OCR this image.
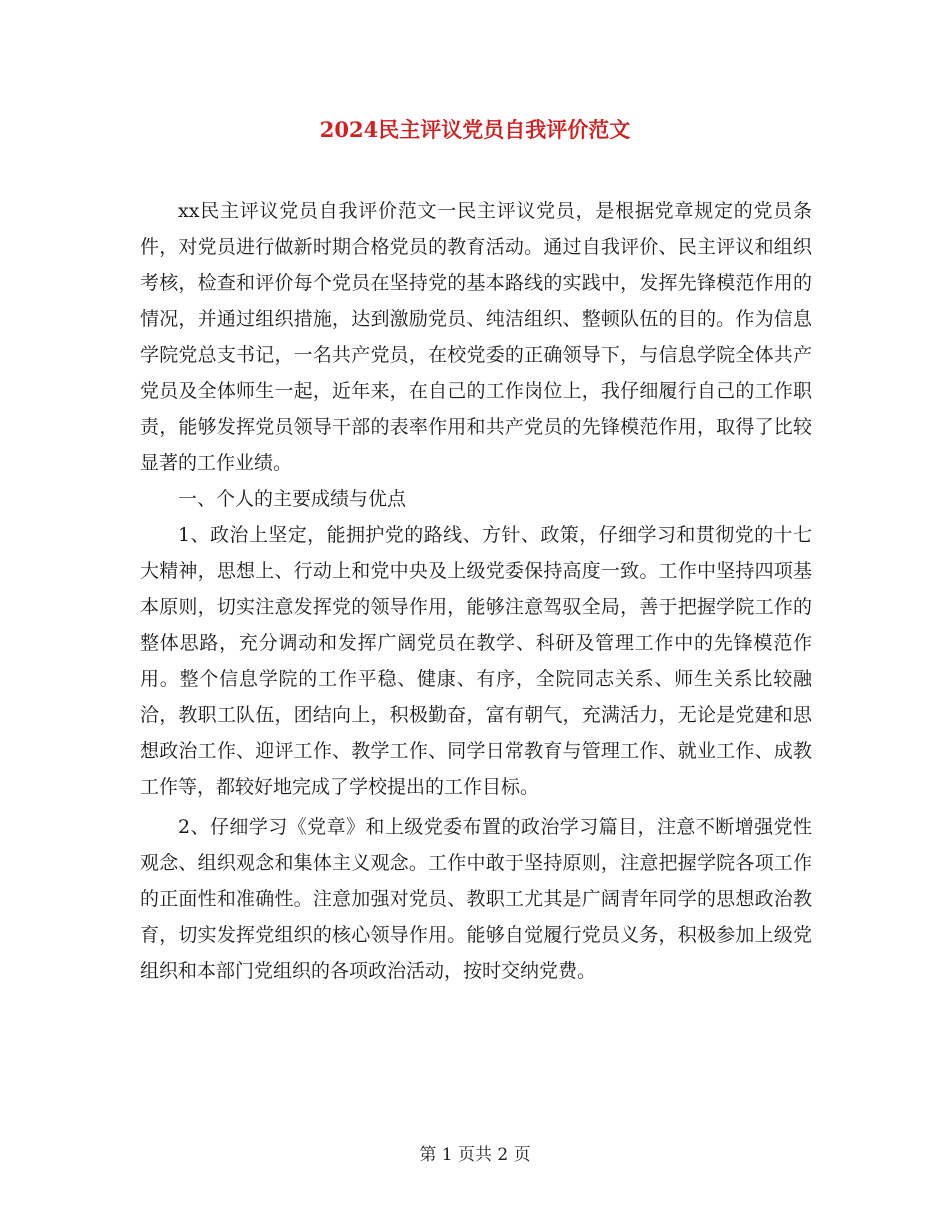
2024民主评议党员自我评价范文

xx民主评议党员自我评价范文一民主评议党员，是根据党章规定的党员条件，对党员进行做新时期合格党员的教育活动。通过自我评价、民主评议和组织考核，检查和评价每个党员在坚持党的基本路线的实践中，发挥先锋模范作用的情况，并通过组织措施，达到激励党员、纯洁组织、整顿队伍的目的。作为信息学院党总支书记，一名共产党员，在校党委的正确领导下，与信息学院全体共产党员及全体师生一起，近年来，在自己的工作岗位上，我仔细履行自己的工作职责，能够发挥党员领导干部的表率作用和共产党员的先锋模范作用，取得了比较显著的工作业绩。

一、个人的主要成绩与优点

1、政治上坚定，能拥护党的路线、方针、政策，仔细学习和贯彻党的十七大精神，思想上、行动上和党中央及上级党委保持高度一致。工作中坚持四项基本原则，切实注意发挥党的领导作用，能够注意驾驭全局，善于把握学院工作的整体思路，充分调动和发挥广阔党员在教学、科研及管理工作中的先锋模范作用。整个信息学院的工作平稳、健康、有序，全院同志关系、师生关系比较融洽，教职工队伍，团结向上，积极勤奋，富有朝气，充满活力，无论是党建和思想政治工作、迎评工作、教学工作、同学日常教育与管理工作、就业工作、成教工作等，都较好地完成了学校提出的工作目标。

2、仔细学习《党章》和上级党委布置的政治学习篇目，注意不断增强党性观念、组织观念和集体主义观念。工作中敢于坚持原则，注意把握学院各项工作的正面性和准确性。注意加强对党员、教职工尤其是广阔青年同学的思想政治教育，切实发挥党组织的核心领导作用。能够自觉履行党员义务，积极参加上级党组织和本部门党组织的各项政治活动，按时交纳党费。

第 1 页共 2 页
